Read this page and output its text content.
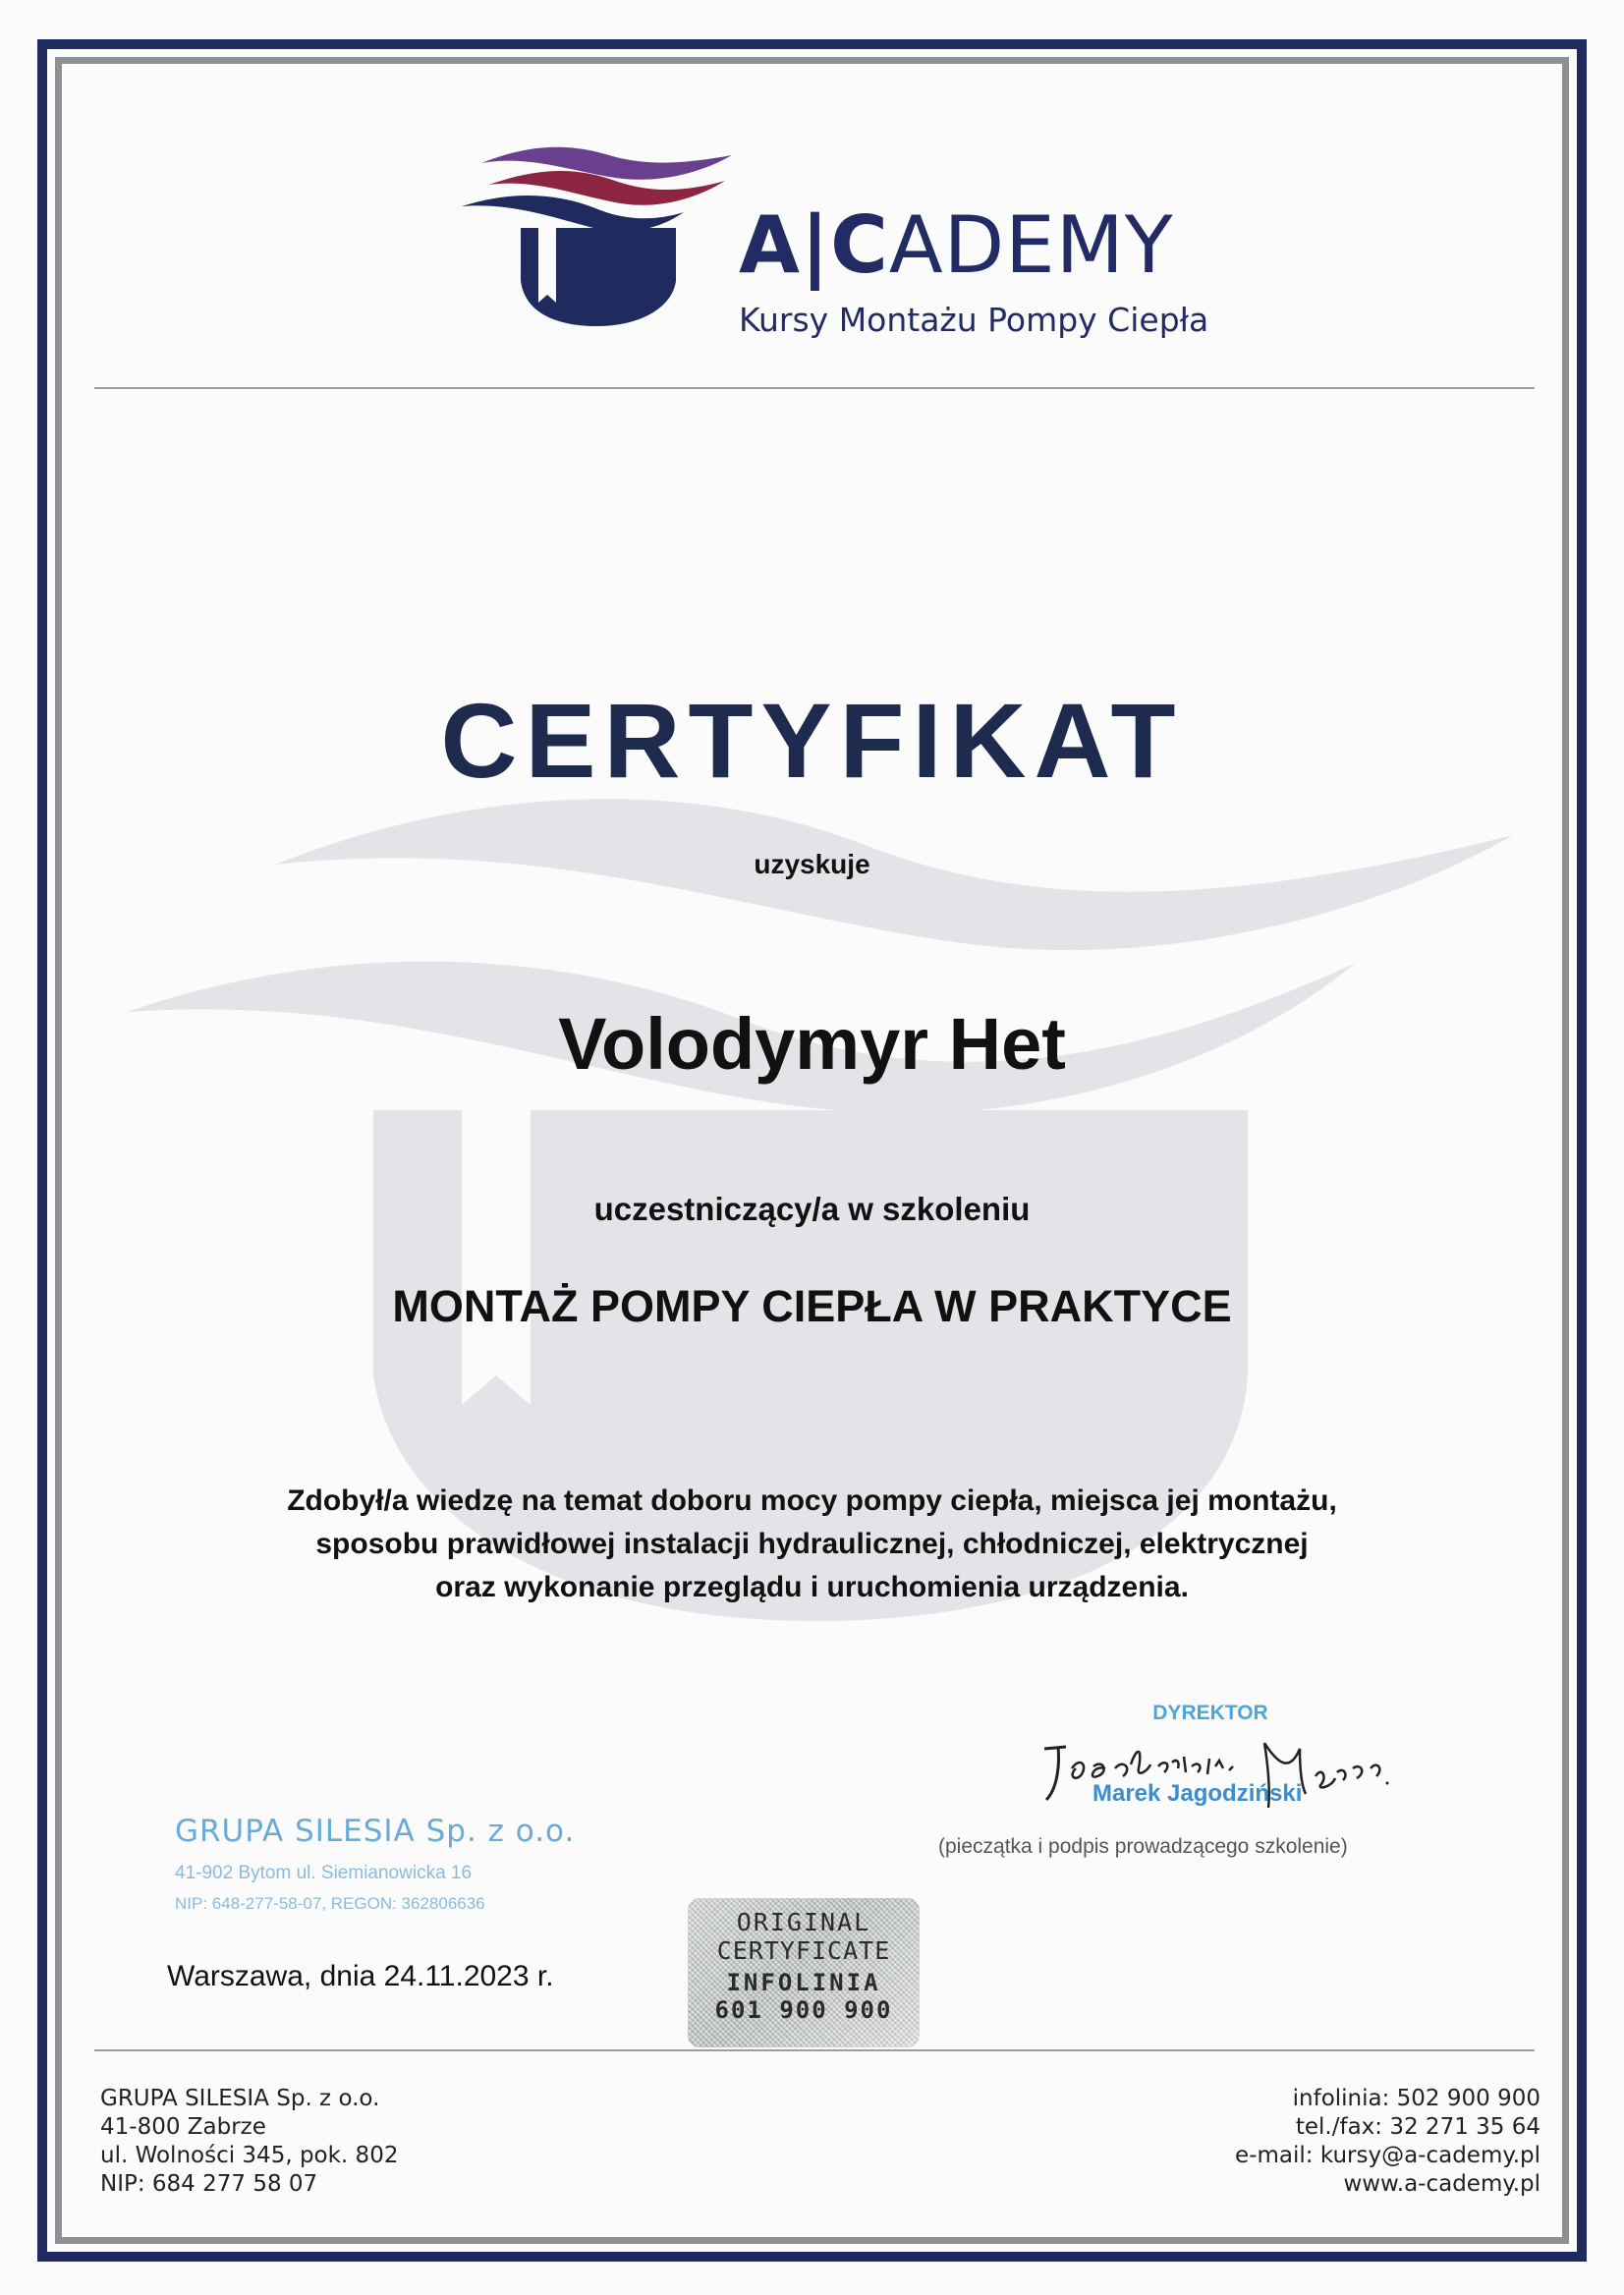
A|CADEMY
Kursy Montażu Pompy Ciepła
CERTYFIKAT
uzyskuje
Volodymyr Het
uczestniczący/a w szkoleniu
MONTAŻ POMPY CIEPŁA W PRAKTYCE
Zdobył/a wiedzę na temat doboru mocy pompy ciepła, miejsca jej montażu,
sposobu prawidłowej instalacji hydraulicznej, chłodniczej, elektrycznej
oraz wykonanie przeglądu i uruchomienia urządzenia.
DYREKTOR
Marek Jagodziński
(pieczątka i podpis prowadzącego szkolenie)
GRUPA SILESIA Sp. z o.o.
41-902 Bytom ul. Siemianowicka 16
NIP: 648-277-58-07, REGON: 362806636
Warszawa, dnia 24.11.2023 r.
ORIGINAL
CERTYFICATE
INFOLINIA
601 900 900
GRUPA SILESIA Sp. z o.o.
41-800 Zabrze
ul. Wolności 345, pok. 802
NIP: 684 277 58 07
infolinia: 502 900 900
tel./fax: 32 271 35 64
e-mail: kursy@a-cademy.pl
www.a-cademy.pl
